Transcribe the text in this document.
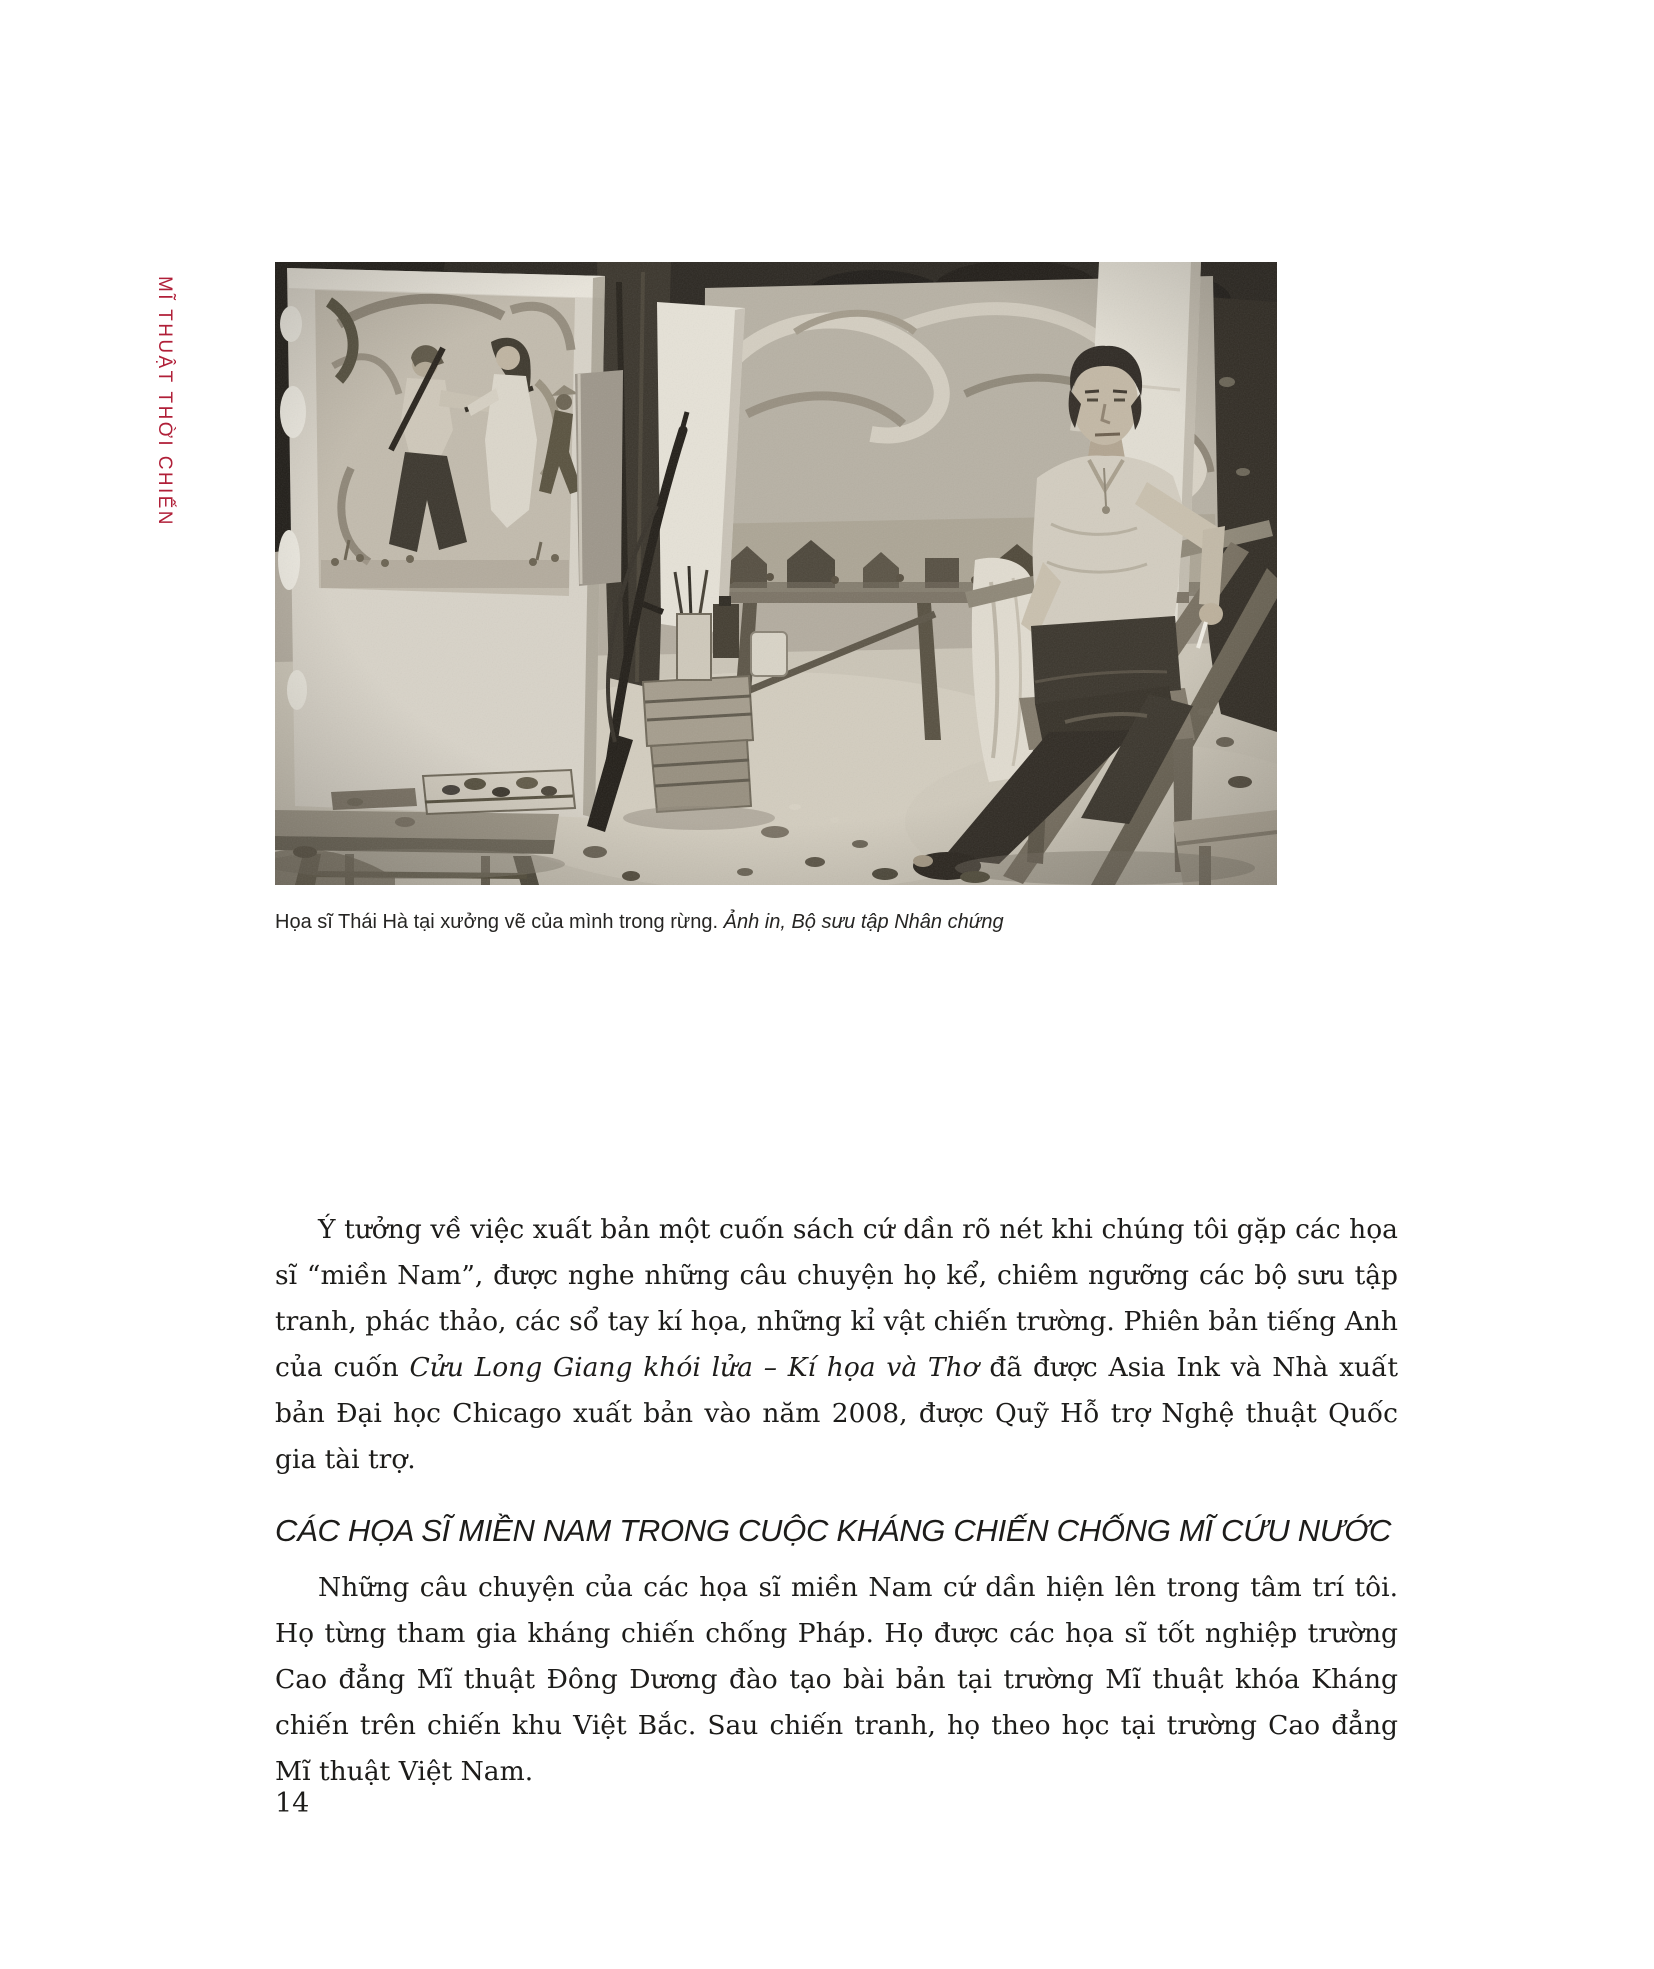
MĨ THUẬT THỜI CHIẾN
Họa sĩ Thái Hà tại xưởng vẽ của mình trong rừng. Ảnh in, Bộ sưu tập Nhân chứng

Ý tưởng về việc xuất bản một cuốn sách cứ dần rõ nét khi chúng tôi gặp các họa sĩ “miền Nam”, được nghe những câu chuyện họ kể, chiêm ngưỡng các bộ sưu tập tranh, phác thảo, các sổ tay kí họa, những kỉ vật chiến trường. Phiên bản tiếng Anh của cuốn Cửu Long Giang khói lửa – Kí họa và Thơ đã được Asia Ink và Nhà xuất bản Đại học Chicago xuất bản vào năm 2008, được Quỹ Hỗ trợ Nghệ thuật Quốc gia tài trợ.

CÁC HỌA SĨ MIỀN NAM TRONG CUỘC KHÁNG CHIẾN CHỐNG MĨ CỨU NƯỚC

Những câu chuyện của các họa sĩ miền Nam cứ dần hiện lên trong tâm trí tôi. Họ từng tham gia kháng chiến chống Pháp. Họ được các họa sĩ tốt nghiệp trường Cao đẳng Mĩ thuật Đông Dương đào tạo bài bản tại trường Mĩ thuật khóa Kháng chiến trên chiến khu Việt Bắc. Sau chiến tranh, họ theo học tại trường Cao đẳng Mĩ thuật Việt Nam.

14
